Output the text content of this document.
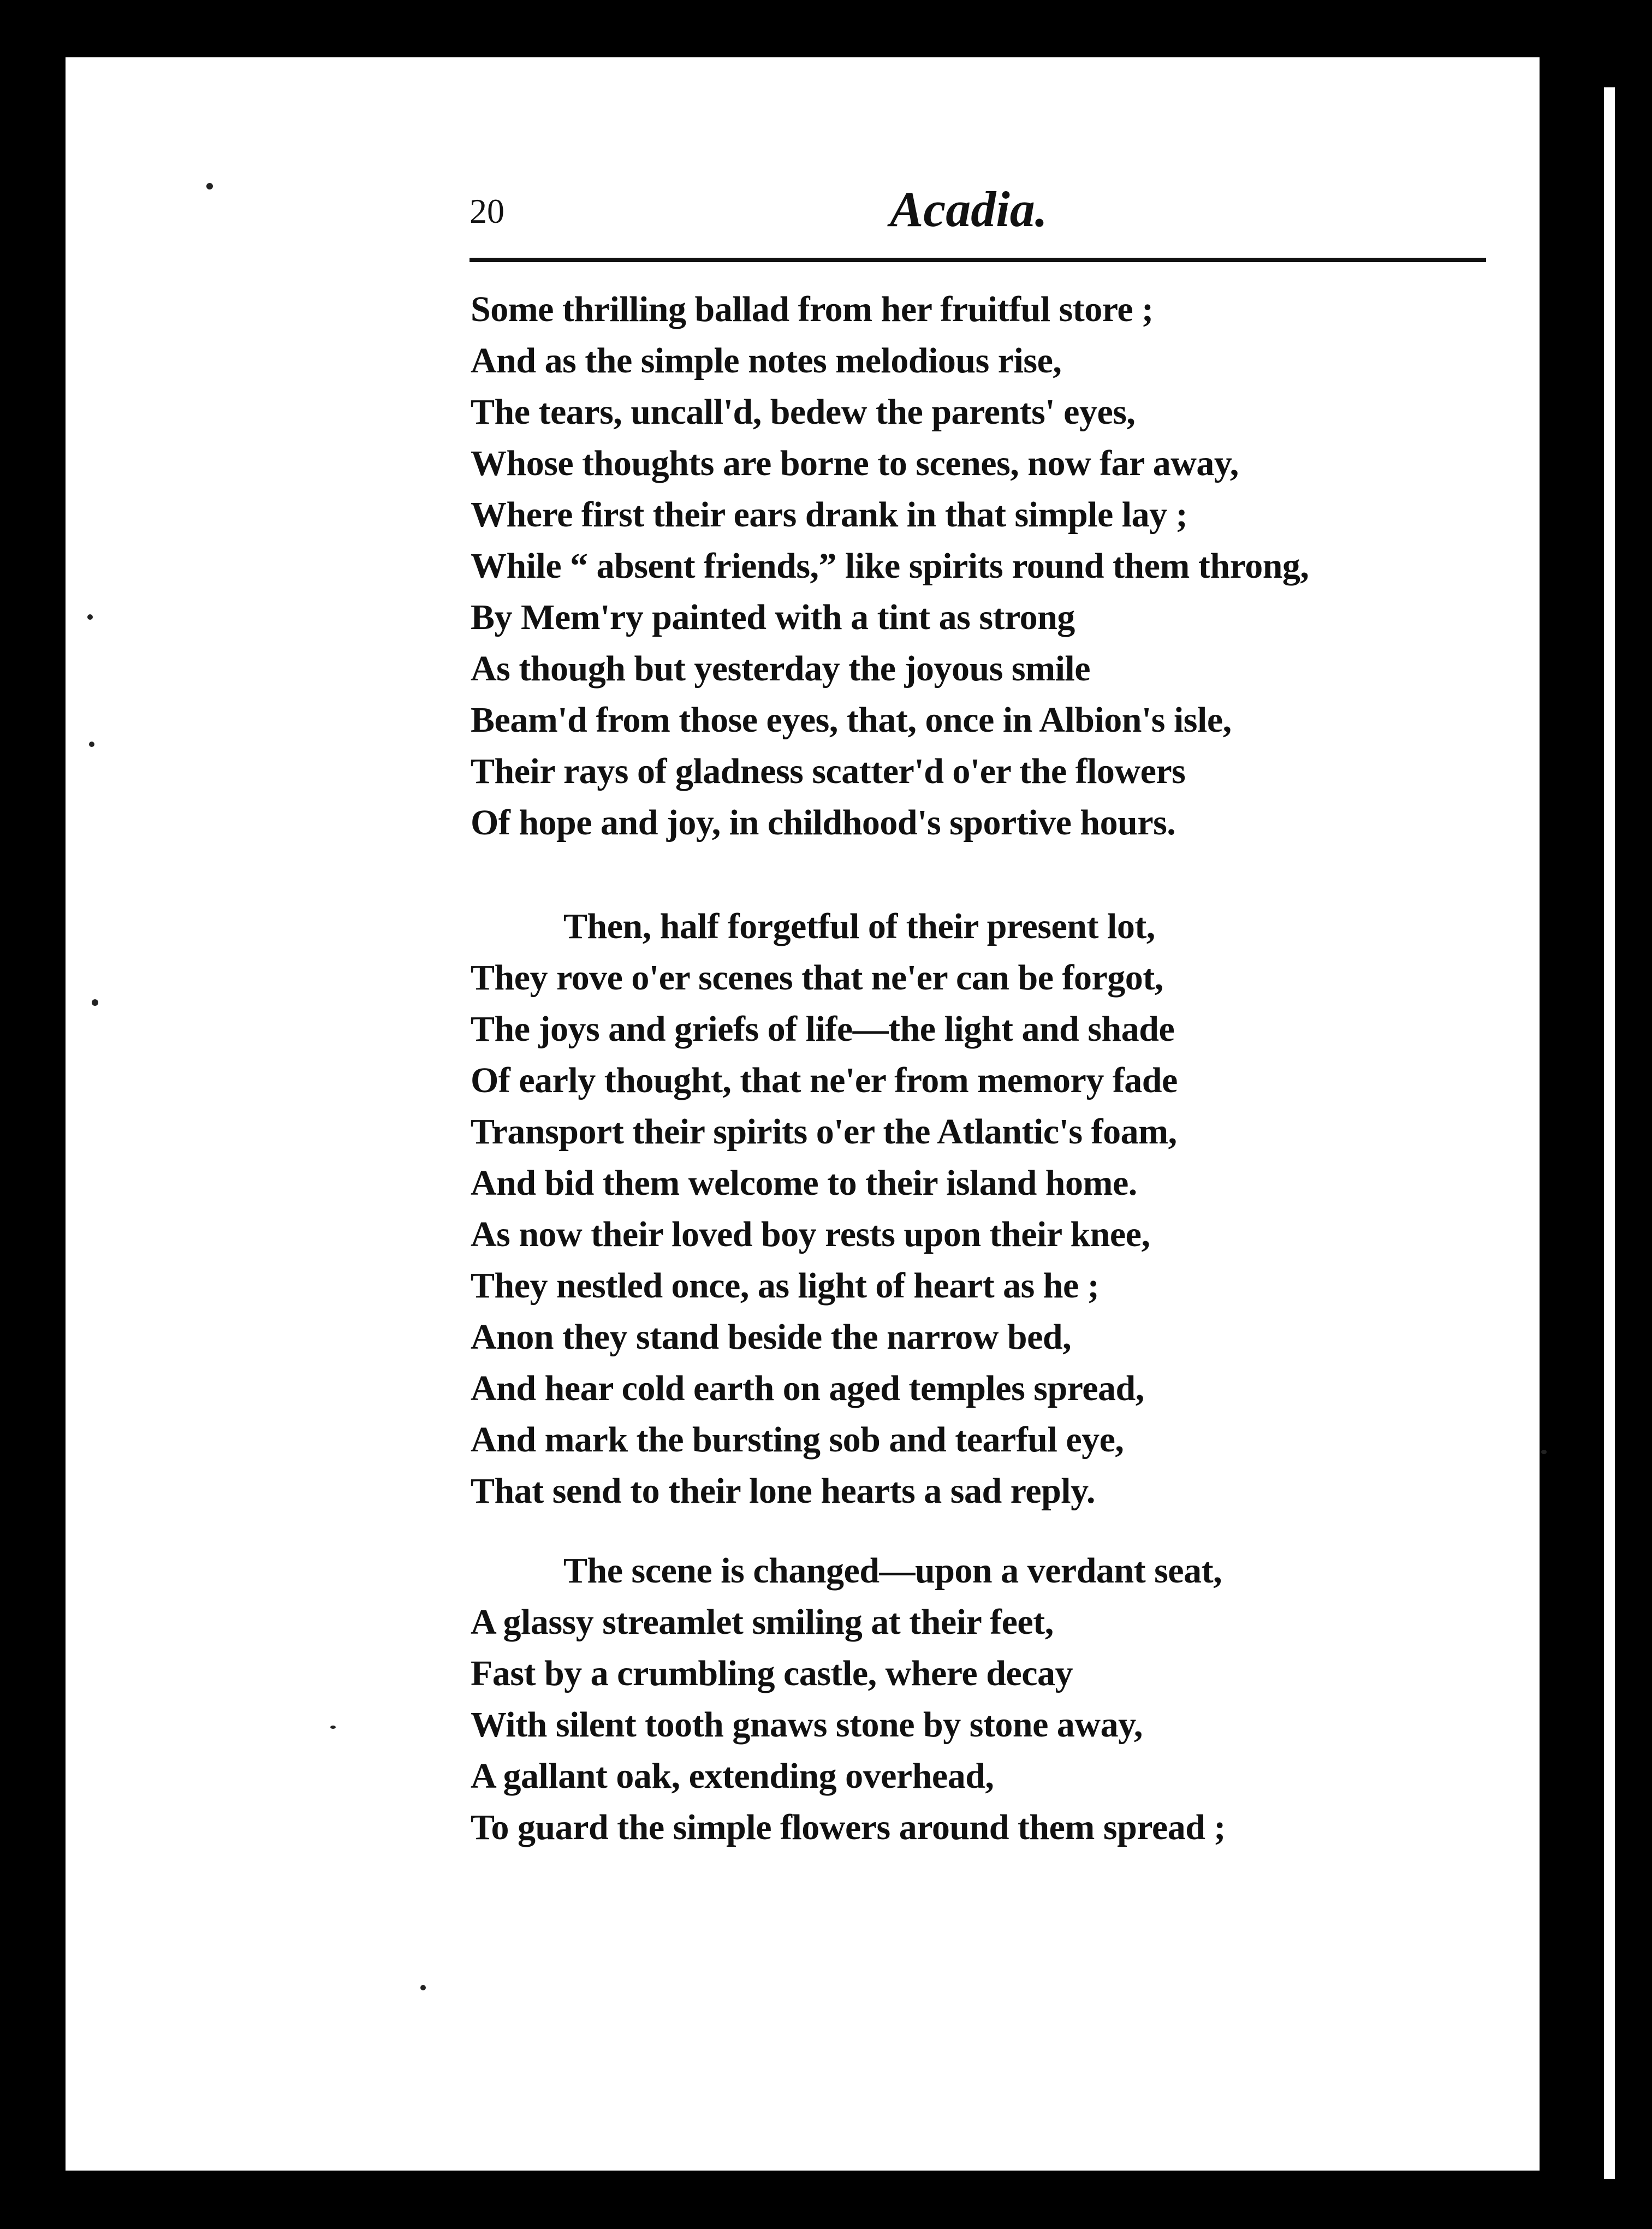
20	Acadia.
Some thrilling ballad from her fruitful store ;
And as the simple notes melodious rise,
The tears, uncall'd, bedew the parents' eyes,
Whose thoughts are borne to scenes, now far away,
Where first their ears drank in that simple lay ;
While “ absent friends,” like spirits round them throng,
By Mem'ry painted with a tint as strong
As though but yesterday the joyous smile
Beam'd from those eyes, that, once in Albion's isle,
Their rays of gladness scatter'd o'er the flowers
Of hope and joy, in childhood's sportive hours.
Then, half forgetful of their present lot,
They rove o'er scenes that ne'er can be forgot,
The joys and griefs of life—the light and shade
Of early thought, that ne'er from memory fade
Transport their spirits o'er the Atlantic's foam,
And bid them welcome to their island home.
As now their loved boy rests upon their knee,
They nestled once, as light of heart as he ;
Anon they stand beside the narrow bed,
And hear cold earth on aged temples spread,
And mark the bursting sob and tearful eye,
That send to their lone hearts a sad reply.
The scene is changed—upon a verdant seat,
A glassy streamlet smiling at their feet,
Fast by a crumbling castle, where decay
With silent tooth gnaws stone by stone away,
A gallant oak, extending overhead,
To guard the simple flowers around them spread ;
